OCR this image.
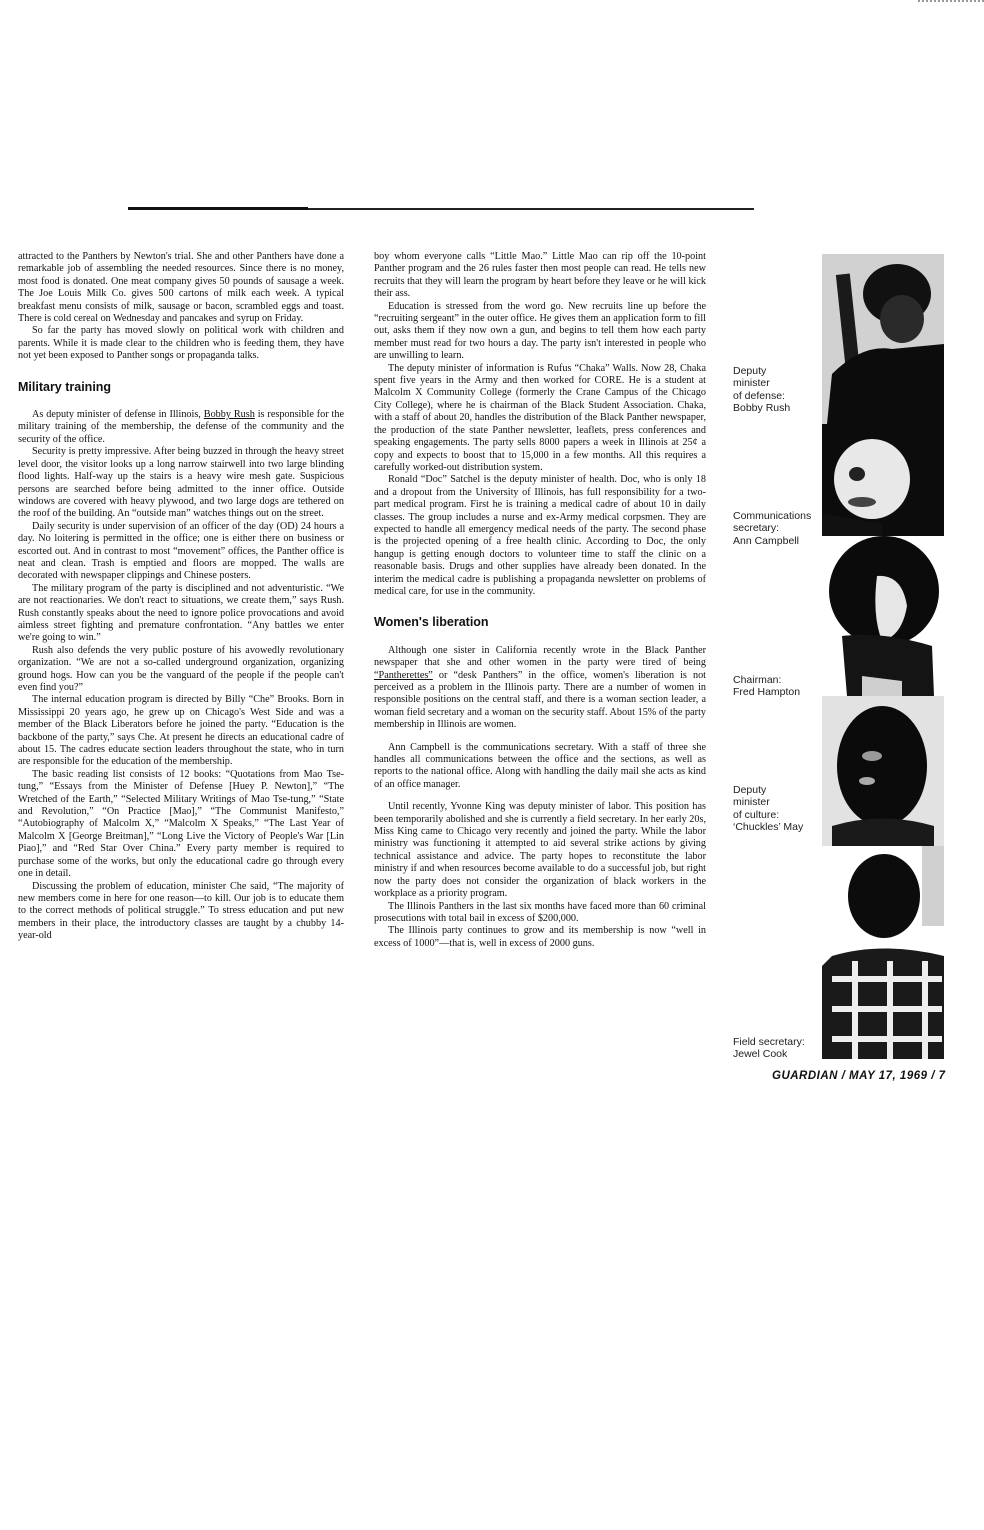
attracted to the Panthers by Newton's trial. She and other Panthers have done a remarkable job of assembling the needed resources. Since there is no money, most food is donated. One meat company gives 50 pounds of sausage a week. The Joe Louis Milk Co. gives 500 cartons of milk each week. A typical breakfast menu consists of milk, sausage or bacon, scrambled eggs and toast. There is cold cereal on Wednesday and pancakes and syrup on Friday.

So far the party has moved slowly on political work with children and parents. While it is made clear to the children who is feeding them, they have not yet been exposed to Panther songs or propaganda talks.

Military training

As deputy minister of defense in Illinois, Bobby Rush is responsible for the military training of the membership, the defense of the community and the security of the office.

Security is pretty impressive. After being buzzed in through the heavy street level door, the visitor looks up a long narrow stairwell into two large blinding flood lights. Half-way up the stairs is a heavy wire mesh gate. Suspicious persons are searched before being admitted to the inner office. Outside windows are covered with heavy plywood, and two large dogs are tethered on the roof of the building. An “outside man” watches things out on the street.

Daily security is under supervision of an officer of the day (OD) 24 hours a day. No loitering is permitted in the office; one is either there on business or escorted out. And in contrast to most “movement” offices, the Panther office is neat and clean. Trash is emptied and floors are mopped. The walls are decorated with newspaper clippings and Chinese posters.

The military program of the party is disciplined and not adventuristic. “We are not reactionaries. We don't react to situations, we create them,” says Rush. Rush constantly speaks about the need to ignore police provocations and avoid aimless street fighting and premature confrontation. “Any battles we enter we're going to win.”

Rush also defends the very public posture of his avowedly revolutionary organization. “We are not a so-called underground organization, organizing ground hogs. How can you be the vanguard of the people if the people can't even find you?”

The internal education program is directed by Billy “Che” Brooks. Born in Mississippi 20 years ago, he grew up on Chicago's West Side and was a member of the Black Liberators before he joined the party. “Education is the backbone of the party,” says Che. At present he directs an educational cadre of about 15. The cadres educate section leaders throughout the state, who in turn are responsible for the education of the membership.

The basic reading list consists of 12 books: “Quotations from Mao Tse-tung,” “Essays from the Minister of Defense [Huey P. Newton],” “The Wretched of the Earth,” “Selected Military Writings of Mao Tse-tung,” “State and Revolution,” “On Practice [Mao],” “The Communist Manifesto,” “Autobiography of Malcolm X,” “Malcolm X Speaks,” “The Last Year of Malcolm X [George Breitman],” “Long Live the Victory of People's War [Lin Piao],” and “Red Star Over China.” Every party member is required to purchase some of the works, but only the educational cadre go through every one in detail.

Discussing the problem of education, minister Che said, “The majority of new members come in here for one reason—to kill. Our job is to educate them to the correct methods of political struggle.” To stress education and put new members in their place, the introductory classes are taught by a chubby 14-year-old

boy whom everyone calls “Little Mao.” Little Mao can rip off the 10-point Panther program and the 26 rules faster then most people can read. He tells new recruits that they will learn the program by heart before they leave or he will kick their ass.

Education is stressed from the word go. New recruits line up before the “recruiting sergeant” in the outer office. He gives them an application form to fill out, asks them if they now own a gun, and begins to tell them how each party member must read for two hours a day. The party isn't interested in people who are unwilling to learn.

The deputy minister of information is Rufus “Chaka” Walls. Now 28, Chaka spent five years in the Army and then worked for CORE. He is a student at Malcolm X Community College (formerly the Crane Campus of the Chicago City College), where he is chairman of the Black Student Association. Chaka, with a staff of about 20, handles the distribution of the Black Panther newspaper, the production of the state Panther newsletter, leaflets, press conferences and speaking engagements. The party sells 8000 papers a week in Illinois at 25¢ a copy and expects to boost that to 15,000 in a few months. All this requires a carefully worked-out distribution system.

Ronald “Doc” Satchel is the deputy minister of health. Doc, who is only 18 and a dropout from the University of Illinois, has full responsibility for a two-part medical program. First he is training a medical cadre of about 10 in daily classes. The group includes a nurse and ex-Army medical corpsmen. They are expected to handle all emergency medical needs of the party. The second phase is the projected opening of a free health clinic. According to Doc, the only hangup is getting enough doctors to volunteer time to staff the clinic on a reasonable basis. Drugs and other supplies have already been donated. In the interim the medical cadre is publishing a propaganda newsletter on problems of medical care, for use in the community.

Women's liberation

Although one sister in California recently wrote in the Black Panther newspaper that she and other women in the party were tired of being “Pantherettes” or “desk Panthers” in the office, women's liberation is not perceived as a problem in the Illinois party. There are a number of women in responsible positions on the central staff, and there is a woman section leader, a woman field secretary and a woman on the security staff. About 15% of the party membership in Illinois are women.

Ann Campbell is the communications secretary. With a staff of three she handles all communications between the office and the sections, as well as reports to the national office. Along with handling the daily mail she acts as kind of an office manager.

Until recently, Yvonne King was deputy minister of labor. This position has been temporarily abolished and she is currently a field secretary. In her early 20s, Miss King came to Chicago very recently and joined the party. While the labor ministry was functioning it attempted to aid several strike actions by giving technical assistance and advice. The party hopes to reconstitute the labor ministry if and when resources become available to do a successful job, but right now the party does not consider the organization of black workers in the workplace as a priority program.

The Illinois Panthers in the last six months have faced more than 60 criminal prosecutions with total bail in excess of $200,000.

The Illinois party continues to grow and its membership is now “well in excess of 1000”—that is, well in excess of 2000 guns.

Deputy
minister
of defense:
Bobby Rush
Communications
secretary:
Ann Campbell
Chairman:
Fred Hampton
Deputy
minister
of culture:
‘Chuckles’ May
Field secretary:
Jewel Cook
GUARDIAN / MAY 17, 1969 / 7
